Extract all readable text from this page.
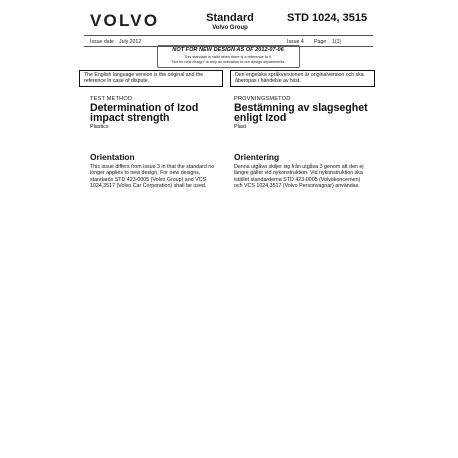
VOLVO	Standard
Volvo Group
STD 1024, 3515
Issue date July 2012	Issue 4 Page 1(1)
NOT FOR NEW DESIGN AS OF 2012-07-06
This standard is valid when there is a reference to it.
"Not for new design" is only an indication to our design departments.
The English language version is the original and the reference in case of dispute.
Den engelska språkversionen är originalversion och ska åberopas i händelse av tvist.
TEST METHOD
Determination of Izod impact strength
Plastics
Orientation
This issue differs from issue 3 in that the standard no longer applies to new design. For new designs, standards STD 423-0005 (Volvo Group) and VCS 1024,3517 (Volvo Car Corporation) shall be used.
PROVNINGSMETOD
Bestämning av slagseghet enligt Izod
Plast
Orientering
Denna utgåva skiljer sig från utgåva 3 genom att den ej längre gäller vid nykonstruktion. Vid nykonstruktion ska istället standarderna STD 423-0005 (Volvokoncernen) och VCS 1024,3517 (Volvo Personvagnar) användas.
